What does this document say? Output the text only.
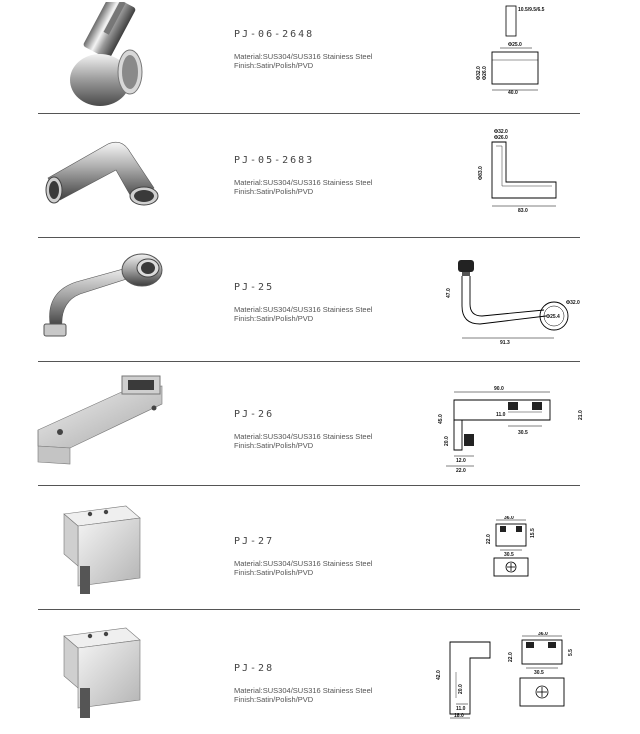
PJ-06-2648
Material:SUS304/SUS316 Stainiess Steel
Finish:Satin/Polish/PVD
10.5/9.5/6.5
Φ25.0
Φ32.0 Φ26.0
40.0
PJ-05-2683
Material:SUS304/SUS316 Stainiess Steel
Finish:Satin/Polish/PVD
Φ32.0
Φ26.0
Φ83.0
83.0
PJ-25
Material:SUS304/SUS316 Stainiess Steel
Finish:Satin/Polish/PVD	Φ25.4
47.0
Φ32.0
91.3
PJ-26
Material:SUS304/SUS316 Stainiess Steel
Finish:Satin/Polish/PVD
90.0
11.0
30.5
21.0
45.0
20.0
12.0
22.0
PJ-27
Material:SUS304/SUS316 Stainiess Steel
Finish:Satin/Polish/PVD
36.0
22.0
15.5
30.5
PJ-28
Material:SUS304/SUS316 Stainiess Steel
Finish:Satin/Polish/PVD
42.0
20.0
11.0
18.0
36.0
22.0	5.5
30.5
